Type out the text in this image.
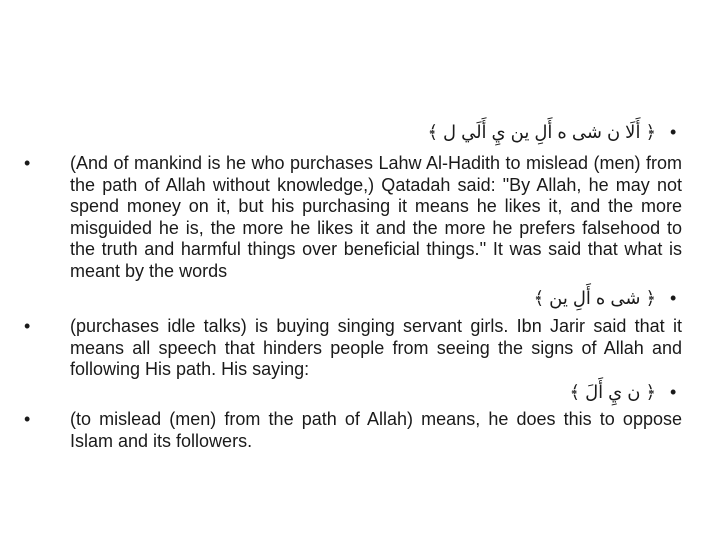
•

﴿ أَلَا ن شى ه أَلِ ين يِ أَلَي ل ﴾

• (And of mankind is he who purchases Lahw Al-Hadith to mislead (men) from the path of Allah without knowledge,) Qatadah said: "By Allah, he may not spend money on it, but his purchasing it means he likes it, and the more misguided he is, the more he likes it and the more he prefers falsehood to the truth and harmful things over beneficial things.'' It was said that what is meant by the words

•

﴿ شى ه أَلِ ين ﴾

• (purchases idle talks) is buying singing servant girls. Ibn Jarir said that it means all speech that hinders people from seeing the signs of Allah and following His path. His saying:

•

﴿ ن يِ أَلَ ﴾

• (to mislead (men) from the path of Allah) means, he does this to oppose Islam and its followers.
